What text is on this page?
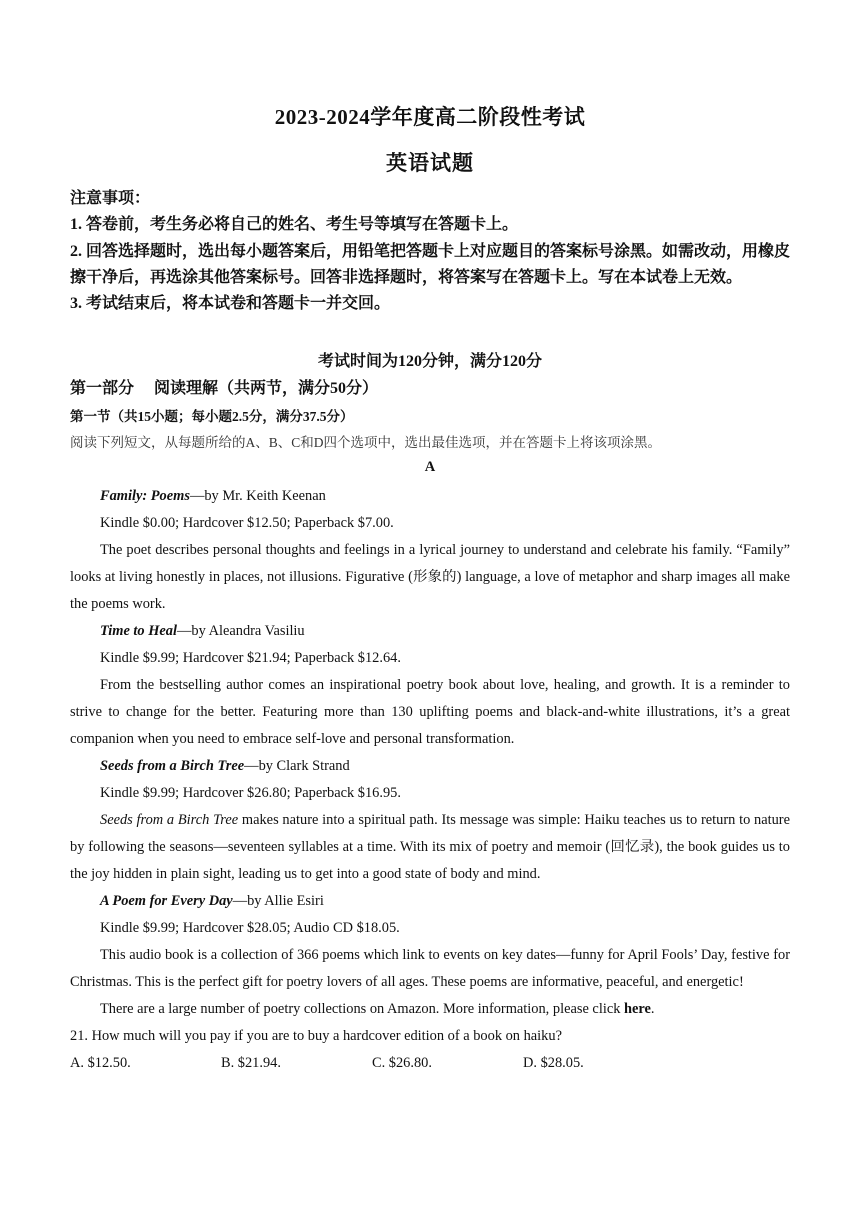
2023-2024学年度高二阶段性考试
英语试题

注意事项：

1. 答卷前，考生务必将自己的姓名、考生号等填写在答题卡上。

2. 回答选择题时，选出每小题答案后，用铅笔把答题卡上对应题目的答案标号涂黑。如需改动，用橡皮擦干净后，再选涂其他答案标号。回答非选择题时，将答案写在答题卡上。写在本试卷上无效。

3. 考试结束后，将本试卷和答题卡一并交回。

考试时间为120分钟，满分120分
第一部分 阅读理解（共两节，满分50分）
第一节（共15小题；每小题2.5分，满分37.5分）
阅读下列短文，从每题所给的A、B、C和D四个选项中，选出最佳选项，并在答题卡上将该项涂黑。
A

Family: Poems—by Mr. Keith Keenan

Kindle $0.00; Hardcover $12.50; Paperback $7.00.

The poet describes personal thoughts and feelings in a lyrical journey to understand and celebrate his family. “Family” looks at living honestly in places, not illusions. Figurative (形象的) language, a love of metaphor and sharp images all make the poems work.

Time to Heal—by Aleandra Vasiliu

Kindle $9.99; Hardcover $21.94; Paperback $12.64.

From the bestselling author comes an inspirational poetry book about love, healing, and growth. It is a reminder to strive to change for the better. Featuring more than 130 uplifting poems and black-and-white illustrations, it’s a great companion when you need to embrace self-love and personal transformation.

Seeds from a Birch Tree—by Clark Strand

Kindle $9.99; Hardcover $26.80; Paperback $16.95.

Seeds from a Birch Tree makes nature into a spiritual path. Its message was simple: Haiku teaches us to return to nature by following the seasons—seventeen syllables at a time. With its mix of poetry and memoir (回忆录), the book guides us to the joy hidden in plain sight, leading us to get into a good state of body and mind.

A Poem for Every Day—by Allie Esiri

Kindle $9.99; Hardcover $28.05; Audio CD $18.05.

This audio book is a collection of 366 poems which link to events on key dates—funny for April Fools’ Day, festive for Christmas. This is the perfect gift for poetry lovers of all ages. These poems are informative, peaceful, and energetic!

There are a large number of poetry collections on Amazon. More information, please click here.

21. How much will you pay if you are to buy a hardcover edition of a book on haiku?

A. $12.50.	B. $21.94.	C. $26.80.	D. $28.05.
